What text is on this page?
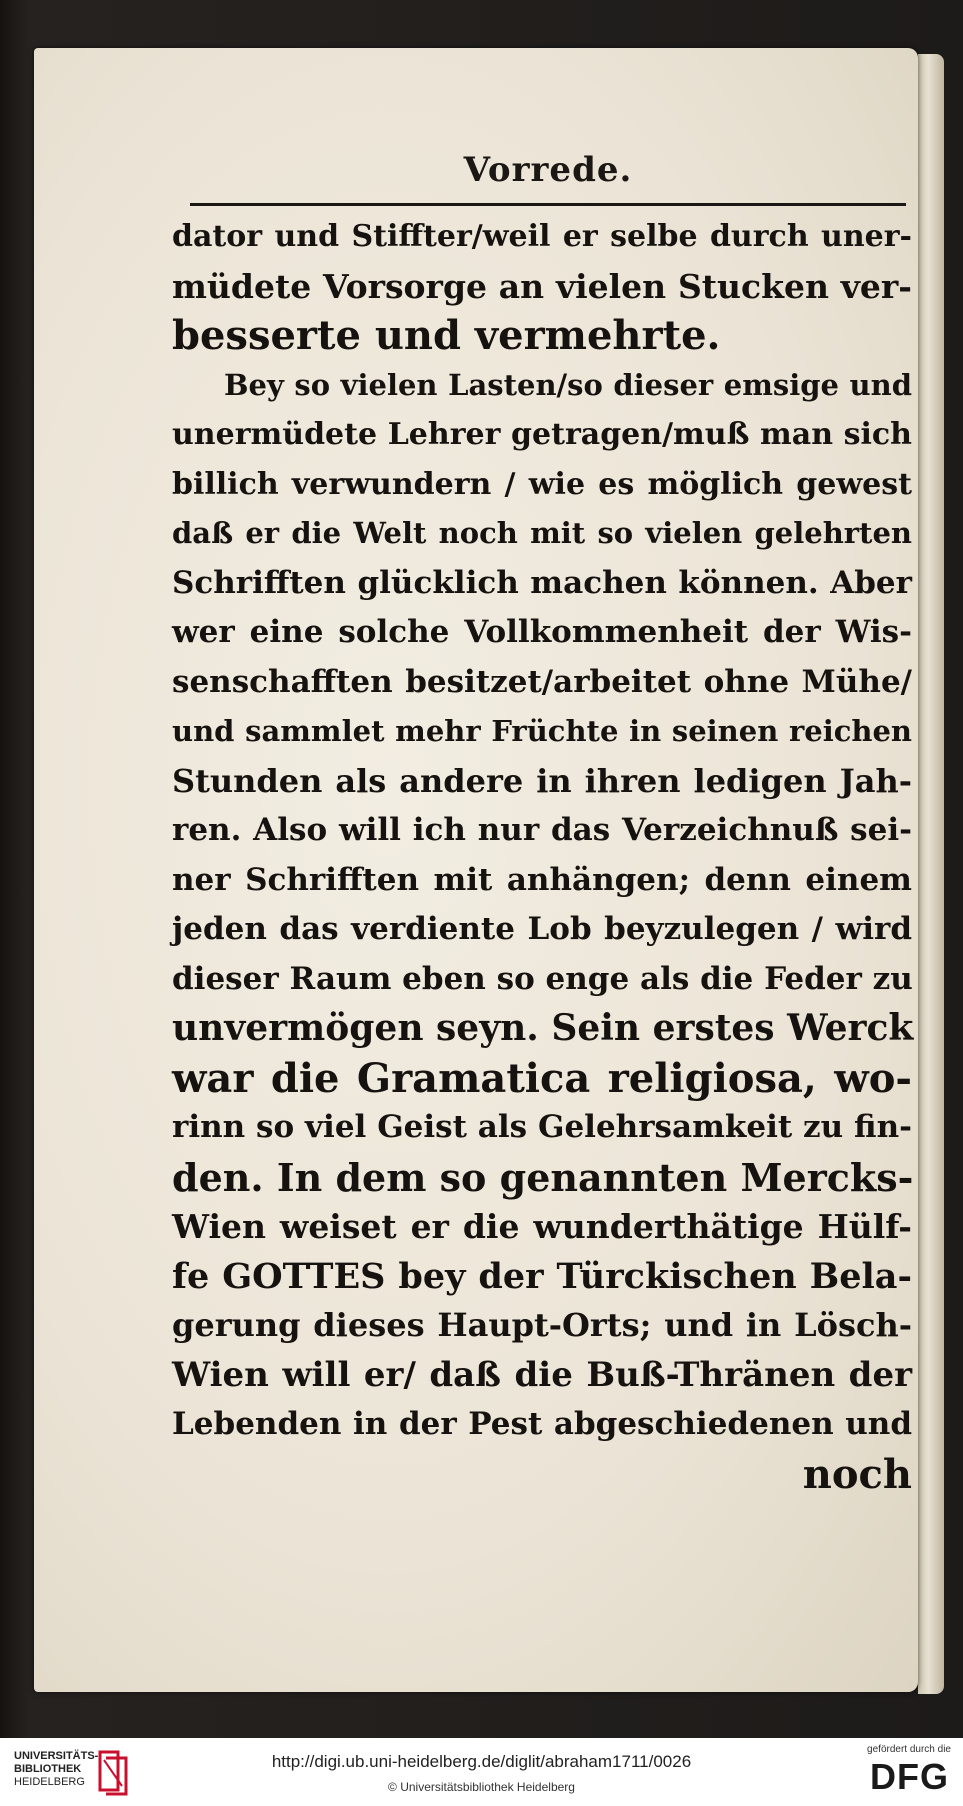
Vorrede.
dator und Stiffter/weil er selbe durch uner-
müdete Vorsorge an vielen Stucken ver-
besserte und vermehrte.
Bey so vielen Lasten/so dieser emsige und
unermüdete Lehrer getragen/muß man sich
billich verwundern / wie es möglich gewest
daß er die Welt noch mit so vielen gelehrten
Schrifften glücklich machen können. Aber
wer eine solche Vollkommenheit der Wis-
senschafften besitzet/arbeitet ohne Mühe/
und sammlet mehr Früchte in seinen reichen
Stunden als andere in ihren ledigen Jah-
ren. Also will ich nur das Verzeichnuß sei-
ner Schrifften mit anhängen; denn einem
jeden das verdiente Lob beyzulegen / wird
dieser Raum eben so enge als die Feder zu
unvermögen seyn. Sein erstes Werck
war die Gramatica religiosa, wo-
rinn so viel Geist als Gelehrsamkeit zu fin-
den. In dem so genannten Mercks-
Wien weiset er die wunderthätige Hülf-
fe GOTTES bey der Türckischen Bela-
gerung dieses Haupt-Orts; und in Lösch-
Wien will er/ daß die Buß-Thränen der
Lebenden in der Pest abgeschiedenen und
noch
UNIVERSITÄTS-
BIBLIOTHEK
HEIDELBERG
http://digi.ub.uni-heidelberg.de/diglit/abraham1711/0026
© Universitätsbibliothek Heidelberg
gefördert durch die
DFG
